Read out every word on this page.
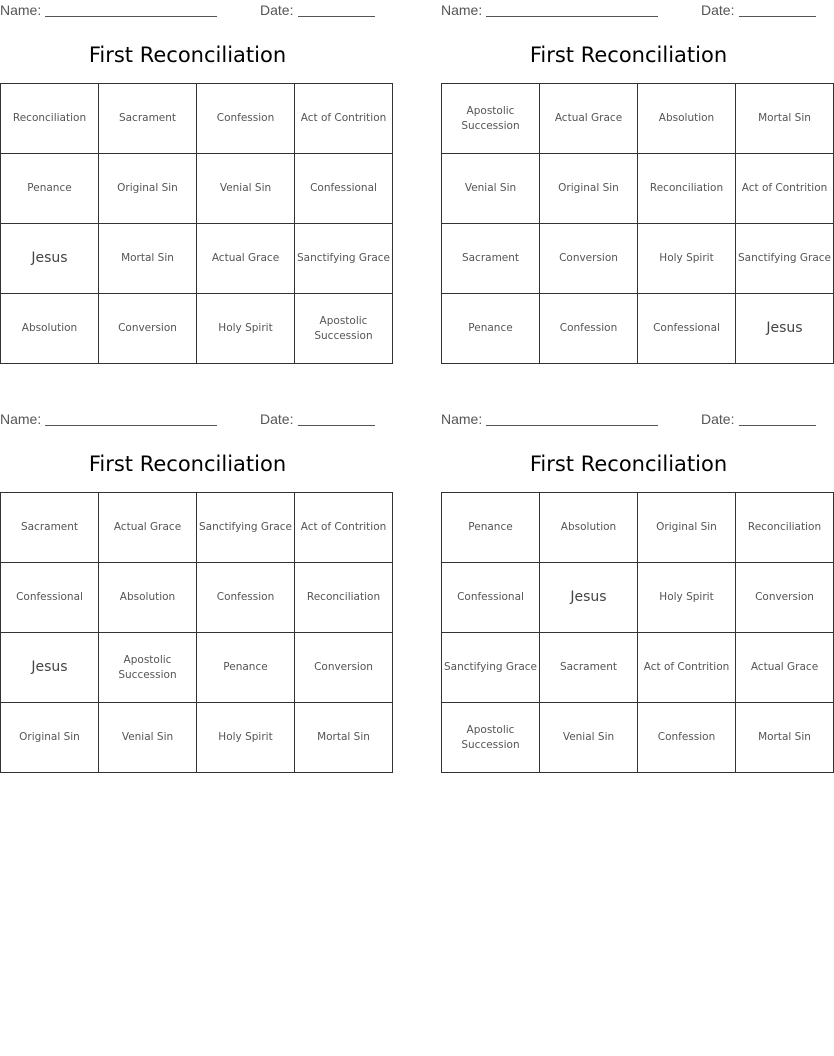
Name:	Date:
First Reconciliation
Reconciliation	Sacrament	Confession	Act of Contrition
Penance	Original Sin	Venial Sin	Confessional
Jesus	Mortal Sin	Actual Grace	Sanctifying Grace
Absolution	Conversion	Holy Spirit	Apostolic Succession
Name:	Date:
First Reconciliation
Apostolic Succession	Actual Grace	Absolution	Mortal Sin
Venial Sin	Original Sin	Reconciliation	Act of Contrition
Sacrament	Conversion	Holy Spirit	Sanctifying Grace
Penance	Confession	Confessional	Jesus
Name:	Date:
First Reconciliation
Sacrament	Actual Grace	Sanctifying Grace	Act of Contrition
Confessional	Absolution	Confession	Reconciliation
Jesus	Apostolic Succession	Penance	Conversion
Original Sin	Venial Sin	Holy Spirit	Mortal Sin
Name:	Date:
First Reconciliation
Penance	Absolution	Original Sin	Reconciliation
Confessional	Jesus	Holy Spirit	Conversion
Sanctifying Grace	Sacrament	Act of Contrition	Actual Grace
Apostolic Succession	Venial Sin	Confession	Mortal Sin
